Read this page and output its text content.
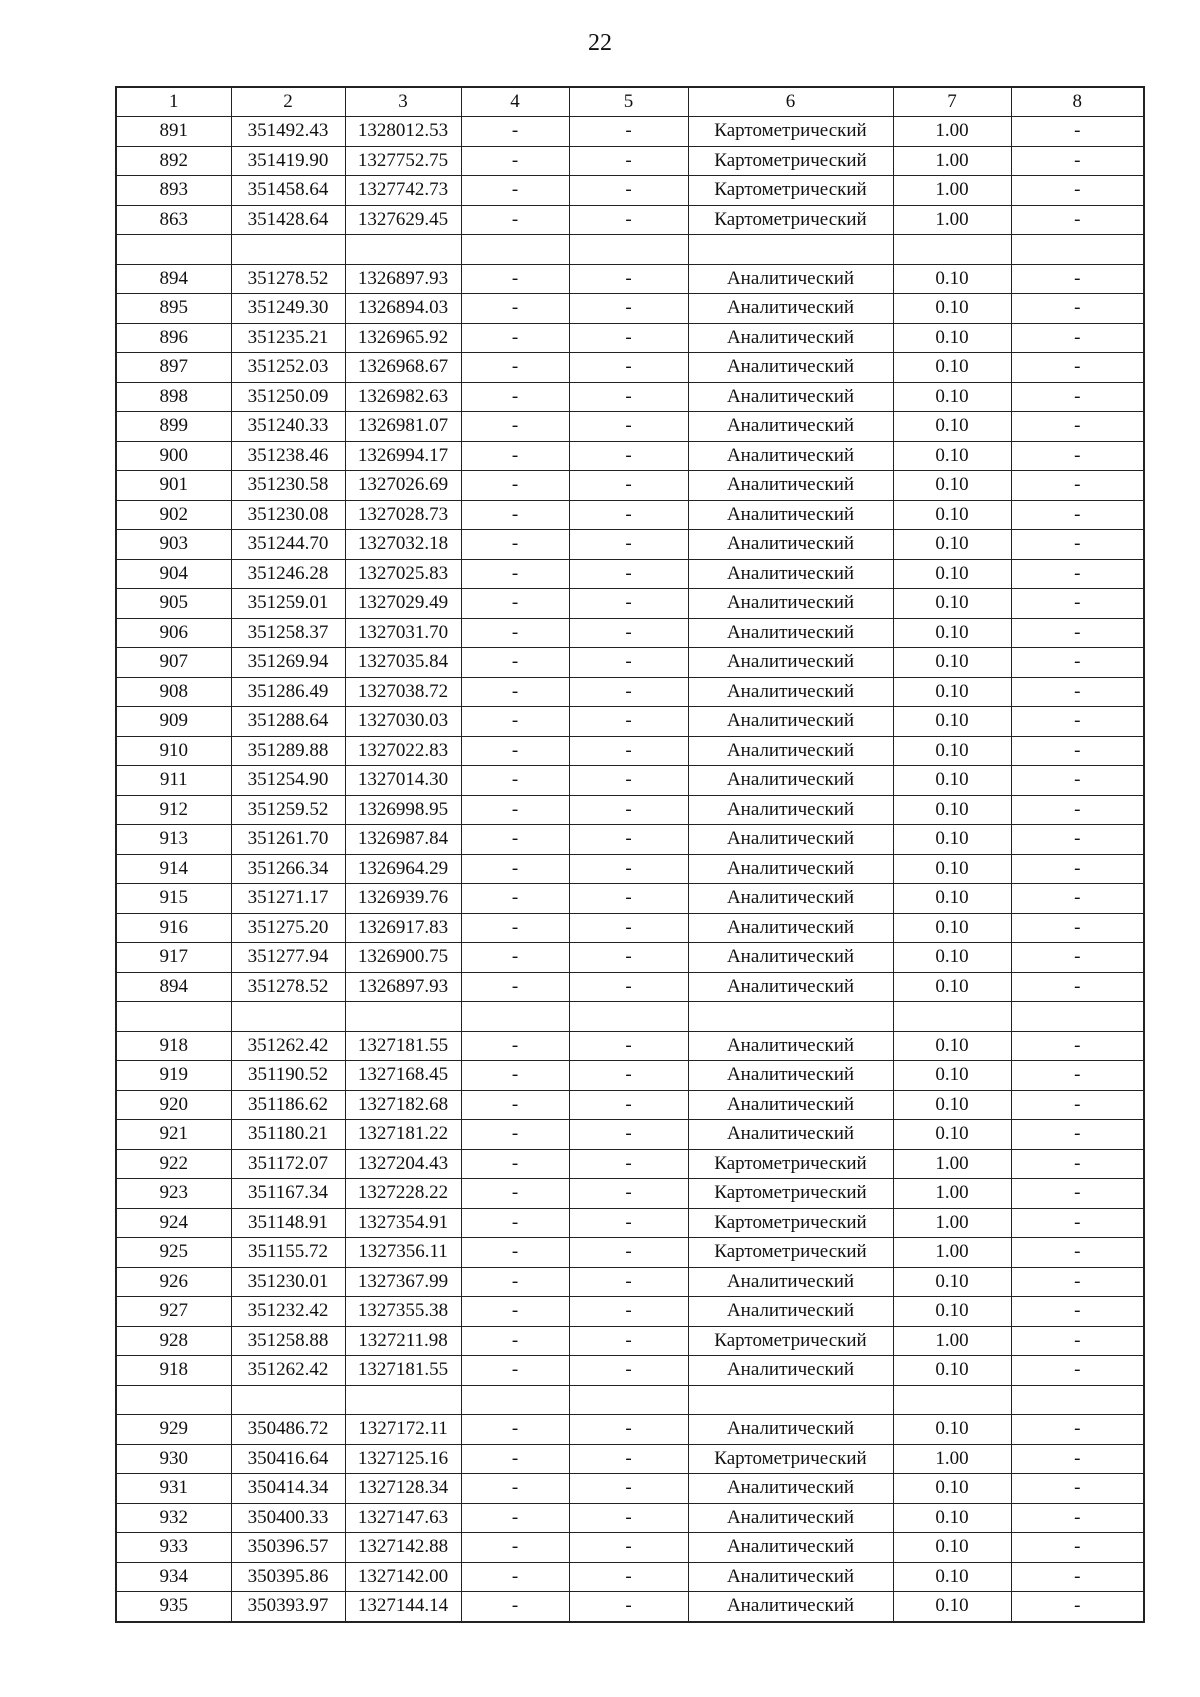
22
1	2	3	4	5	6	7	8
891	351492.43	1328012.53	-	-	Картометрический	1.00	-
892	351419.90	1327752.75	-	-	Картометрический	1.00	-
893	351458.64	1327742.73	-	-	Картометрический	1.00	-
863	351428.64	1327629.45	-	-	Картометрический	1.00	-

894	351278.52	1326897.93	-	-	Аналитический	0.10	-
895	351249.30	1326894.03	-	-	Аналитический	0.10	-
896	351235.21	1326965.92	-	-	Аналитический	0.10	-
897	351252.03	1326968.67	-	-	Аналитический	0.10	-
898	351250.09	1326982.63	-	-	Аналитический	0.10	-
899	351240.33	1326981.07	-	-	Аналитический	0.10	-
900	351238.46	1326994.17	-	-	Аналитический	0.10	-
901	351230.58	1327026.69	-	-	Аналитический	0.10	-
902	351230.08	1327028.73	-	-	Аналитический	0.10	-
903	351244.70	1327032.18	-	-	Аналитический	0.10	-
904	351246.28	1327025.83	-	-	Аналитический	0.10	-
905	351259.01	1327029.49	-	-	Аналитический	0.10	-
906	351258.37	1327031.70	-	-	Аналитический	0.10	-
907	351269.94	1327035.84	-	-	Аналитический	0.10	-
908	351286.49	1327038.72	-	-	Аналитический	0.10	-
909	351288.64	1327030.03	-	-	Аналитический	0.10	-
910	351289.88	1327022.83	-	-	Аналитический	0.10	-
911	351254.90	1327014.30	-	-	Аналитический	0.10	-
912	351259.52	1326998.95	-	-	Аналитический	0.10	-
913	351261.70	1326987.84	-	-	Аналитический	0.10	-
914	351266.34	1326964.29	-	-	Аналитический	0.10	-
915	351271.17	1326939.76	-	-	Аналитический	0.10	-
916	351275.20	1326917.83	-	-	Аналитический	0.10	-
917	351277.94	1326900.75	-	-	Аналитический	0.10	-
894	351278.52	1326897.93	-	-	Аналитический	0.10	-

918	351262.42	1327181.55	-	-	Аналитический	0.10	-
919	351190.52	1327168.45	-	-	Аналитический	0.10	-
920	351186.62	1327182.68	-	-	Аналитический	0.10	-
921	351180.21	1327181.22	-	-	Аналитический	0.10	-
922	351172.07	1327204.43	-	-	Картометрический	1.00	-
923	351167.34	1327228.22	-	-	Картометрический	1.00	-
924	351148.91	1327354.91	-	-	Картометрический	1.00	-
925	351155.72	1327356.11	-	-	Картометрический	1.00	-
926	351230.01	1327367.99	-	-	Аналитический	0.10	-
927	351232.42	1327355.38	-	-	Аналитический	0.10	-
928	351258.88	1327211.98	-	-	Картометрический	1.00	-
918	351262.42	1327181.55	-	-	Аналитический	0.10	-

929	350486.72	1327172.11	-	-	Аналитический	0.10	-
930	350416.64	1327125.16	-	-	Картометрический	1.00	-
931	350414.34	1327128.34	-	-	Аналитический	0.10	-
932	350400.33	1327147.63	-	-	Аналитический	0.10	-
933	350396.57	1327142.88	-	-	Аналитический	0.10	-
934	350395.86	1327142.00	-	-	Аналитический	0.10	-
935	350393.97	1327144.14	-	-	Аналитический	0.10	-
